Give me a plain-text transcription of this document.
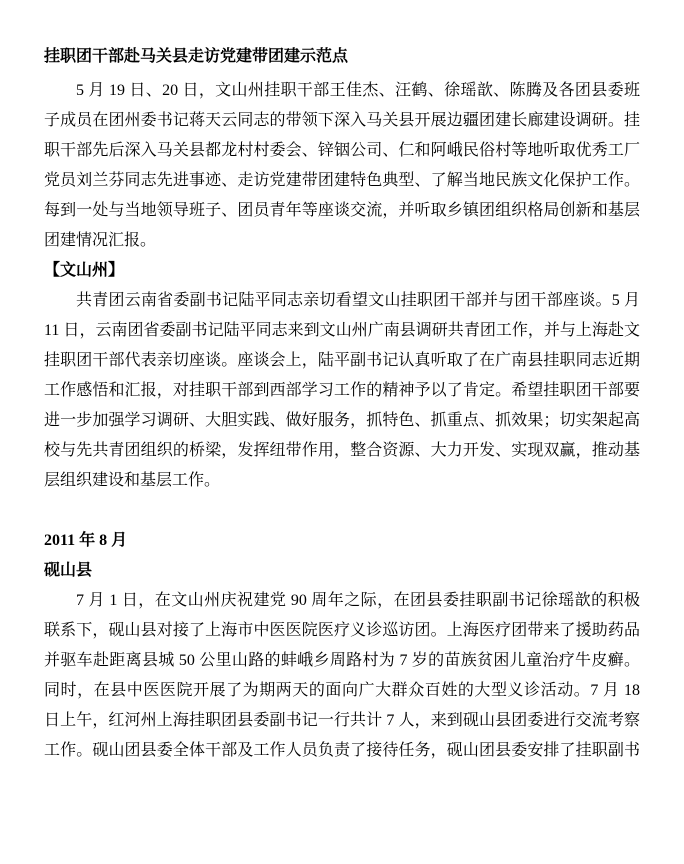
挂职团干部赴马关县走访党建带团建示范点
5 月 19 日、20 日，文山州挂职干部王佳杰、汪鹤、徐瑶歆、陈腾及各团县委班
子成员在团州委书记蒋天云同志的带领下深入马关县开展边疆团建长廊建设调研。挂
职干部先后深入马关县都龙村村委会、锌铟公司、仁和阿峨民俗村等地听取优秀工厂
党员刘兰芬同志先进事迹、走访党建带团建特色典型、了解当地民族文化保护工作。
每到一处与当地领导班子、团员青年等座谈交流，并听取乡镇团组织格局创新和基层
团建情况汇报。
【文山州】
共青团云南省委副书记陆平同志亲切看望文山挂职团干部并与团干部座谈。5 月
11 日，云南团省委副书记陆平同志来到文山州广南县调研共青团工作，并与上海赴文
挂职团干部代表亲切座谈。座谈会上，陆平副书记认真听取了在广南县挂职同志近期
工作感悟和汇报，对挂职干部到西部学习工作的精神予以了肯定。希望挂职团干部要
进一步加强学习调研、大胆实践、做好服务，抓特色、抓重点、抓效果；切实架起高
校与先共青团组织的桥梁，发挥纽带作用，整合资源、大力开发、实现双赢，推动基
层组织建设和基层工作。
2011 年 8 月
砚山县
7 月 1 日，在文山州庆祝建党 90 周年之际，在团县委挂职副书记徐瑶歆的积极
联系下，砚山县对接了上海市中医医院医疗义诊巡访团。上海医疗团带来了援助药品
并驱车赴距离县城 50 公里山路的蚌峨乡周路村为 7 岁的苗族贫困儿童治疗牛皮癣。
同时，在县中医医院开展了为期两天的面向广大群众百姓的大型义诊活动。7 月 18
日上午，红河州上海挂职团县委副书记一行共计 7 人，来到砚山县团委进行交流考察
工作。砚山团县委全体干部及工作人员负责了接待任务，砚山团县委安排了挂职副书
